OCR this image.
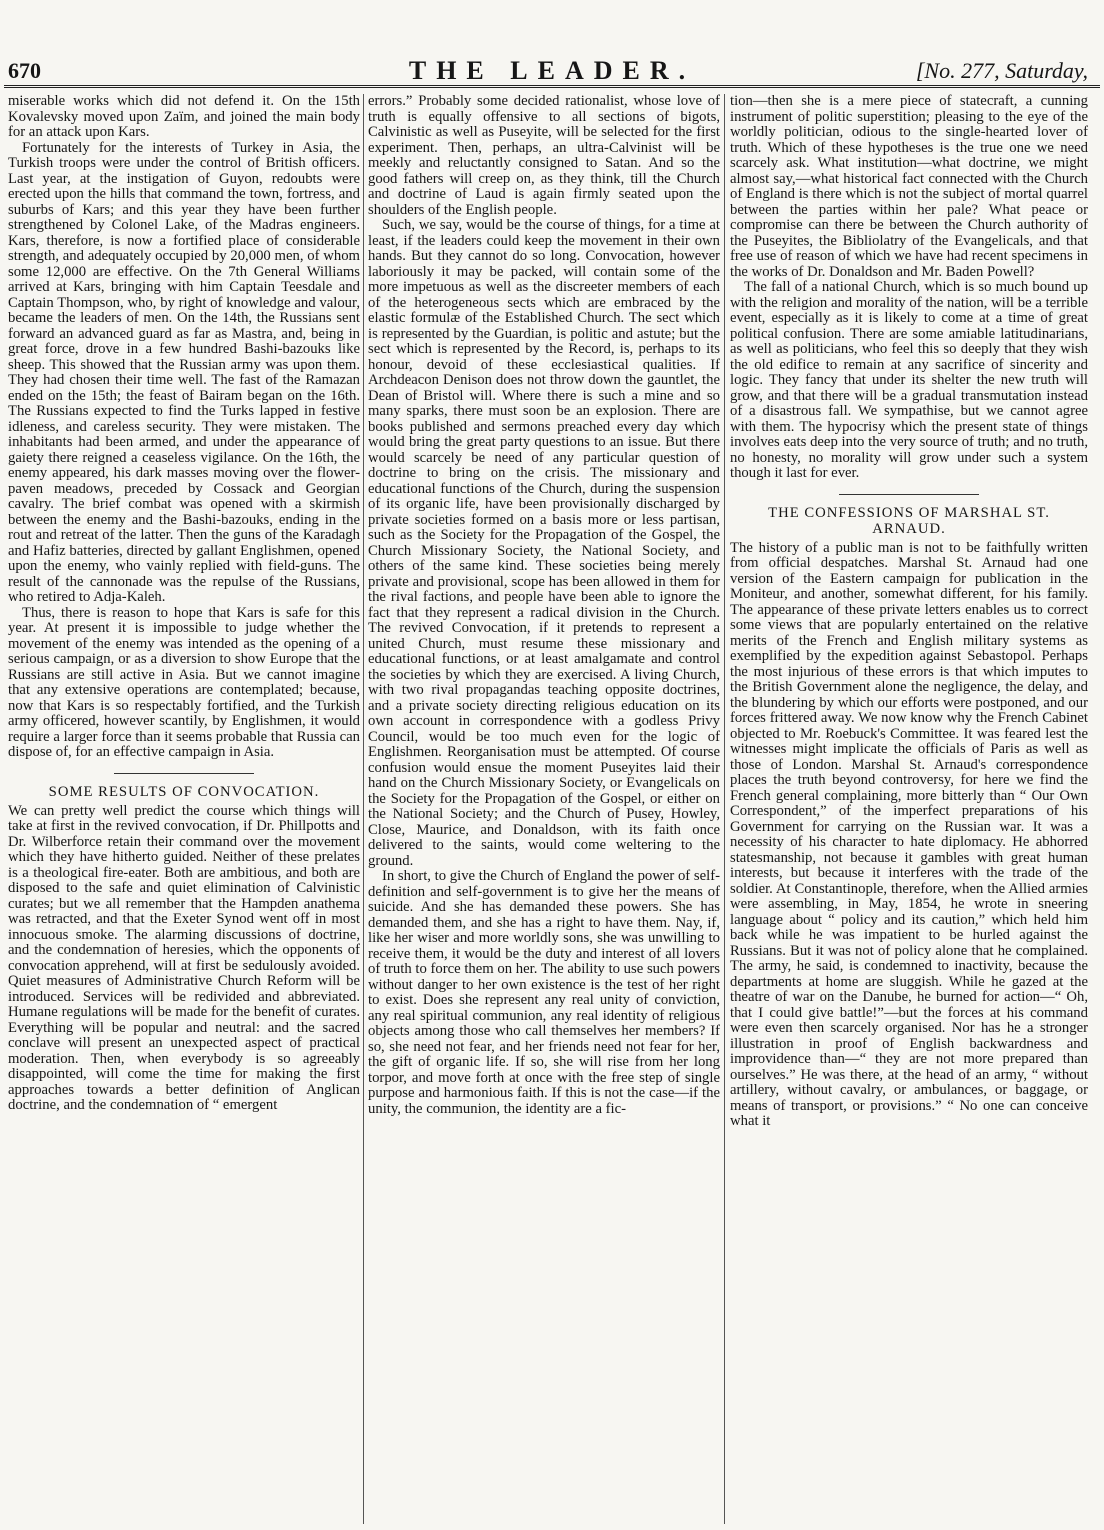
670	THE LEADER.	[No. 277, Saturday,

miserable works which did not defend it. On the 15th Kovalevsky moved upon Zaïm, and joined the main body for an attack upon Kars.

Fortunately for the interests of Turkey in Asia, the Turkish troops were under the control of British officers. Last year, at the instigation of Guyon, redoubts were erected upon the hills that command the town, fortress, and suburbs of Kars; and this year they have been further strengthened by Colonel Lake, of the Madras engineers. Kars, therefore, is now a fortified place of considerable strength, and adequately occupied by 20,000 men, of whom some 12,000 are effective. On the 7th General Williams arrived at Kars, bringing with him Captain Teesdale and Captain Thompson, who, by right of knowledge and valour, became the leaders of men. On the 14th, the Russians sent forward an advanced guard as far as Mastra, and, being in great force, drove in a few hundred Bashi-bazouks like sheep. This showed that the Russian army was upon them. They had chosen their time well. The fast of the Ramazan ended on the 15th; the feast of Bairam began on the 16th. The Russians expected to find the Turks lapped in festive idleness, and careless security. They were mistaken. The inhabitants had been armed, and under the appearance of gaiety there reigned a ceaseless vigilance. On the 16th, the enemy appeared, his dark masses moving over the flower-paven meadows, preceded by Cossack and Georgian cavalry. The brief combat was opened with a skirmish between the enemy and the Bashi-bazouks, ending in the rout and retreat of the latter. Then the guns of the Karadagh and Hafiz batteries, directed by gallant Englishmen, opened upon the enemy, who vainly replied with field-guns. The result of the cannonade was the repulse of the Russians, who retired to Adja-Kaleh.

Thus, there is reason to hope that Kars is safe for this year. At present it is impossible to judge whether the movement of the enemy was intended as the opening of a serious campaign, or as a diversion to show Europe that the Russians are still active in Asia. But we cannot imagine that any extensive operations are contemplated; because, now that Kars is so respectably fortified, and the Turkish army officered, however scantily, by Englishmen, it would require a larger force than it seems probable that Russia can dispose of, for an effective campaign in Asia.

SOME RESULTS OF CONVOCATION.

We can pretty well predict the course which things will take at first in the revived convocation, if Dr. Phillpotts and Dr. Wilberforce retain their command over the movement which they have hitherto guided. Neither of these prelates is a theological fire-eater. Both are ambitious, and both are disposed to the safe and quiet elimination of Calvinistic curates; but we all remember that the Hampden anathema was retracted, and that the Exeter Synod went off in most innocuous smoke. The alarming discussions of doctrine, and the condemnation of heresies, which the opponents of convocation apprehend, will at first be sedulously avoided. Quiet measures of Administrative Church Reform will be introduced. Services will be redivided and abbreviated. Humane regulations will be made for the benefit of curates. Everything will be popular and neutral: and the sacred conclave will present an unexpected aspect of practical moderation. Then, when everybody is so agreeably disappointed, will come the time for making the first approaches towards a better definition of Anglican doctrine, and the condemnation of “ emergent

errors.” Probably some decided rationalist, whose love of truth is equally offensive to all sections of bigots, Calvinistic as well as Puseyite, will be selected for the first experiment. Then, perhaps, an ultra-Calvinist will be meekly and reluctantly consigned to Satan. And so the good fathers will creep on, as they think, till the Church and doctrine of Laud is again firmly seated upon the shoulders of the English people.

Such, we say, would be the course of things, for a time at least, if the leaders could keep the movement in their own hands. But they cannot do so long. Convocation, however laboriously it may be packed, will contain some of the more impetuous as well as the discreeter members of each of the heterogeneous sects which are embraced by the elastic formulæ of the Established Church. The sect which is represented by the Guardian, is politic and astute; but the sect which is represented by the Record, is, perhaps to its honour, devoid of these ecclesiastical qualities. If Archdeacon Denison does not throw down the gauntlet, the Dean of Bristol will. Where there is such a mine and so many sparks, there must soon be an explosion. There are books published and sermons preached every day which would bring the great party questions to an issue. But there would scarcely be need of any particular question of doctrine to bring on the crisis. The missionary and educational functions of the Church, during the suspension of its organic life, have been provisionally discharged by private societies formed on a basis more or less partisan, such as the Society for the Propagation of the Gospel, the Church Missionary Society, the National Society, and others of the same kind. These societies being merely private and provisional, scope has been allowed in them for the rival factions, and people have been able to ignore the fact that they represent a radical division in the Church. The revived Convocation, if it pretends to represent a united Church, must resume these missionary and educational functions, or at least amalgamate and control the societies by which they are exercised. A living Church, with two rival propagandas teaching opposite doctrines, and a private society directing religious education on its own account in correspondence with a godless Privy Council, would be too much even for the logic of Englishmen. Reorganisation must be attempted. Of course confusion would ensue the moment Puseyites laid their hand on the Church Missionary Society, or Evangelicals on the Society for the Propagation of the Gospel, or either on the National Society; and the Church of Pusey, Howley, Close, Maurice, and Donaldson, with its faith once delivered to the saints, would come weltering to the ground.

In short, to give the Church of England the power of self-definition and self-government is to give her the means of suicide. And she has demanded these powers. She has demanded them, and she has a right to have them. Nay, if, like her wiser and more worldly sons, she was unwilling to receive them, it would be the duty and interest of all lovers of truth to force them on her. The ability to use such powers without danger to her own existence is the test of her right to exist. Does she represent any real unity of conviction, any real spiritual communion, any real identity of religious objects among those who call themselves her members? If so, she need not fear, and her friends need not fear for her, the gift of organic life. If so, she will rise from her long torpor, and move forth at once with the free step of single purpose and harmonious faith. If this is not the case—if the unity, the communion, the identity are a fic-

tion—then she is a mere piece of statecraft, a cunning instrument of politic superstition; pleasing to the eye of the worldly politician, odious to the single-hearted lover of truth. Which of these hypotheses is the true one we need scarcely ask. What institution—what doctrine, we might almost say,—what historical fact connected with the Church of England is there which is not the subject of mortal quarrel between the parties within her pale? What peace or compromise can there be between the Church authority of the Puseyites, the Bibliolatry of the Evangelicals, and that free use of reason of which we have had recent specimens in the works of Dr. Donaldson and Mr. Baden Powell?

The fall of a national Church, which is so much bound up with the religion and morality of the nation, will be a terrible event, especially as it is likely to come at a time of great political confusion. There are some amiable latitudinarians, as well as politicians, who feel this so deeply that they wish the old edifice to remain at any sacrifice of sincerity and logic. They fancy that under its shelter the new truth will grow, and that there will be a gradual transmutation instead of a disastrous fall. We sympathise, but we cannot agree with them. The hypocrisy which the present state of things involves eats deep into the very source of truth; and no truth, no honesty, no morality will grow under such a system though it last for ever.

THE CONFESSIONS OF MARSHAL ST. ARNAUD.

The history of a public man is not to be faithfully written from official despatches. Marshal St. Arnaud had one version of the Eastern campaign for publication in the Moniteur, and another, somewhat different, for his family. The appearance of these private letters enables us to correct some views that are popularly entertained on the relative merits of the French and English military systems as exemplified by the expedition against Sebastopol. Perhaps the most injurious of these errors is that which imputes to the British Government alone the negligence, the delay, and the blundering by which our efforts were postponed, and our forces frittered away. We now know why the French Cabinet objected to Mr. Roebuck's Committee. It was feared lest the witnesses might implicate the officials of Paris as well as those of London. Marshal St. Arnaud's correspondence places the truth beyond controversy, for here we find the French general complaining, more bitterly than “ Our Own Correspondent,” of the imperfect preparations of his Government for carrying on the Russian war. It was a necessity of his character to hate diplomacy. He abhorred statesmanship, not because it gambles with great human interests, but because it interferes with the trade of the soldier. At Constantinople, therefore, when the Allied armies were assembling, in May, 1854, he wrote in sneering language about “ policy and its caution,” which held him back while he was impatient to be hurled against the Russians. But it was not of policy alone that he complained. The army, he said, is condemned to inactivity, because the departments at home are sluggish. While he gazed at the theatre of war on the Danube, he burned for action—“ Oh, that I could give battle!”—but the forces at his command were even then scarcely organised. Nor has he a stronger illustration in proof of English backwardness and improvidence than—“ they are not more prepared than ourselves.” He was there, at the head of an army, “ without artillery, without cavalry, or ambulances, or baggage, or means of transport, or provisions.” “ No one can conceive what it
